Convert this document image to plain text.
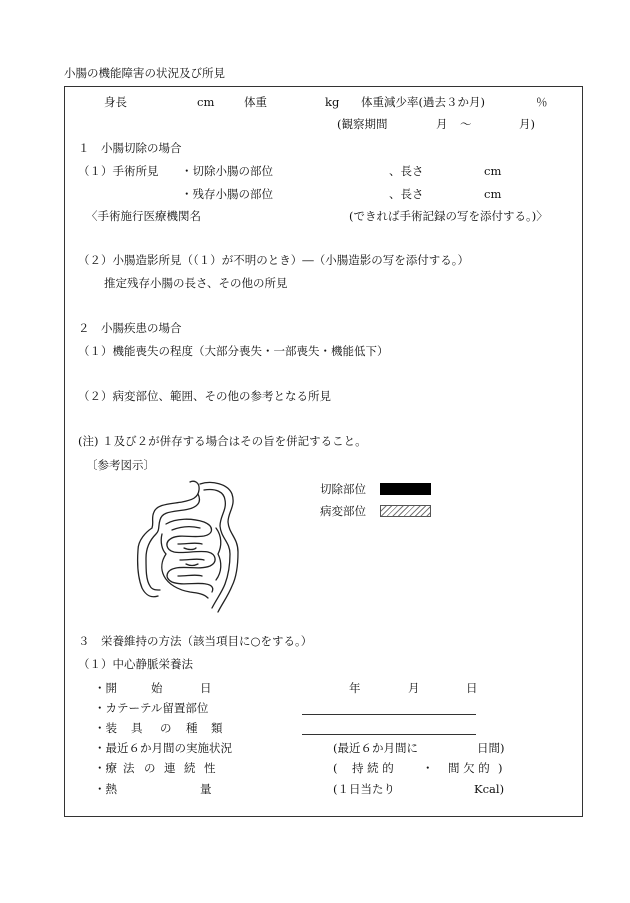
小腸の機能障害の状況及び所見
身長	cm	体重	kg 体重減少率(過去３か月)	％
(観察期間	月 ～	月)
１　小腸切除の場合
（１）手術所見 ・切除小腸の部位	、長さ	cm
・残存小腸の部位	、長さ	cm
〈手術施行医療機関名	(できれば手術記録の写を添付する。)〉
（２）小腸造影所見（（１）が不明のとき）―（小腸造影の写を添付する。）
推定残存小腸の長さ、その他の所見
２　小腸疾患の場合
（１）機能喪失の程度（大部分喪失・一部喪失・機能低下）
（２）病変部位、範囲、その他の参考となる所見
(注) １及び２が併存する場合はその旨を併記すること。
〔参考図示〕
切除部位
病変部位
３　栄養維持の方法（該当項目に○をする。）
（１）中心静脈栄養法
・開	始	日	年	月	日
・カテーテル留置部位
・装 具 の 種 類
・最近６か月間の実施状況	(最近６か月間に	日間)
・療 法 の 連 続 性	( 持 続 的 ・ 間 欠 的 )
・熱	量	(１日当たり	Kcal)
